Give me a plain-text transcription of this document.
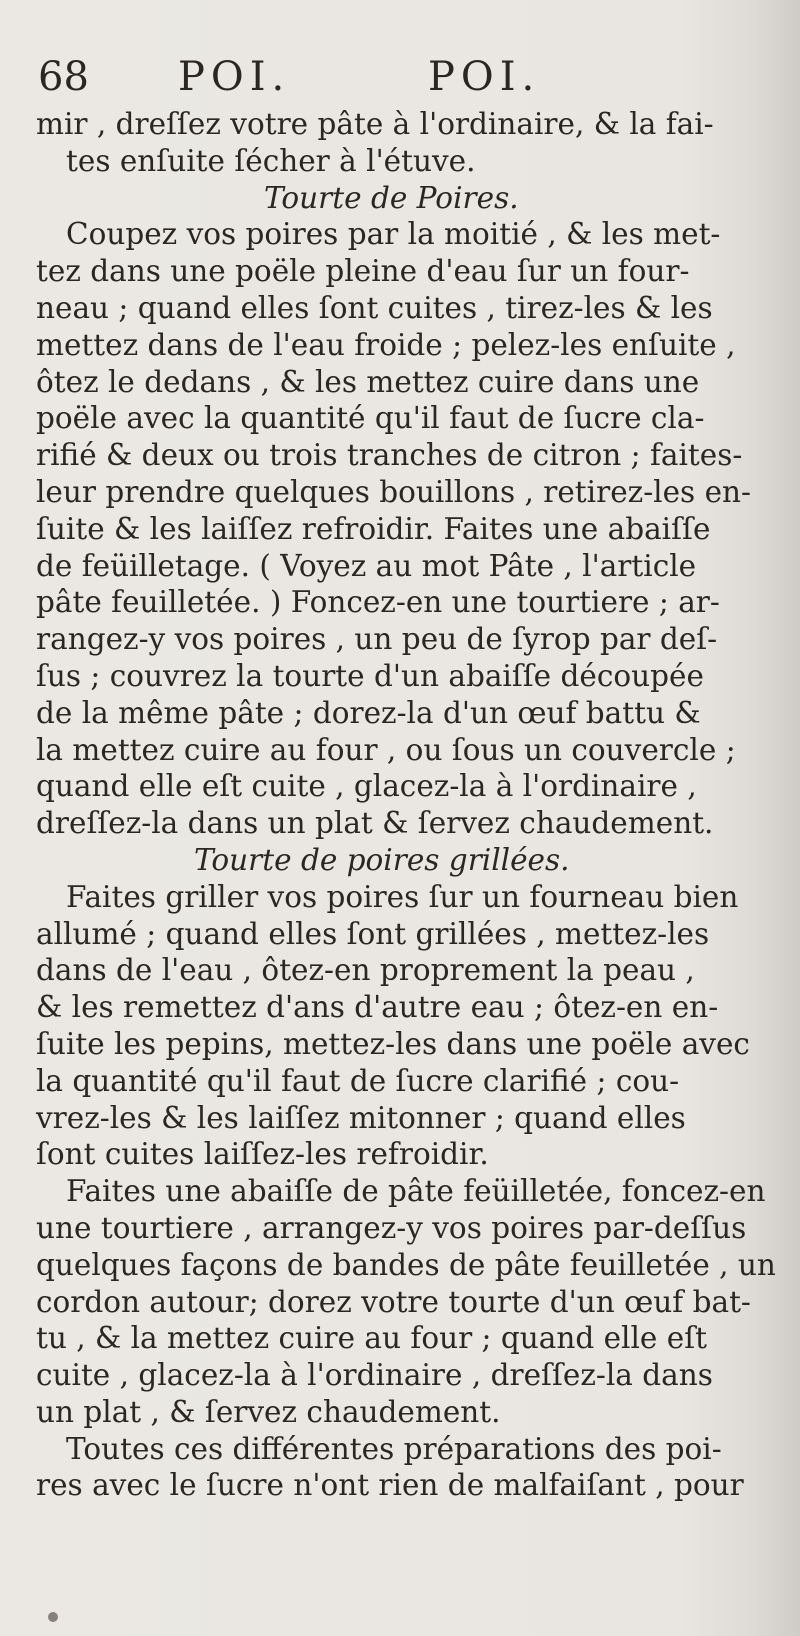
68 POI.	POI.
mir , dreſſez votre pâte à l'ordinaire, & la fai-
tes enſuite ſécher à l'étuve.
Tourte de Poires.
Coupez vos poires par la moitié , & les met-
tez dans une poële pleine d'eau ſur un four-
neau ; quand elles ſont cuites , tirez-les & les
mettez dans de l'eau froide ; pelez-les enſuite ,
ôtez le dedans , & les mettez cuire dans une
poële avec la quantité qu'il faut de ſucre cla-
rifié & deux ou trois tranches de citron ; faites-
leur prendre quelques bouillons , retirez-les en-
ſuite & les laiſſez refroidir. Faites une abaiſſe
de feüilletage. ( Voyez au mot Pâte , l'article
pâte feuilletée. ) Foncez-en une tourtiere ; ar-
rangez-y vos poires , un peu de ſyrop par deſ-
ſus ; couvrez la tourte d'un abaiſſe découpée
de la même pâte ; dorez-la d'un œuf battu &
la mettez cuire au four , ou ſous un couvercle ;
quand elle eſt cuite , glacez-la à l'ordinaire ,
dreſſez-la dans un plat & ſervez chaudement.
Tourte de poires grillées.
Faites griller vos poires ſur un fourneau bien
allumé ; quand elles ſont grillées , mettez-les
dans de l'eau , ôtez-en proprement la peau ,
& les remettez d'ans d'autre eau ; ôtez-en en-
ſuite les pepins, mettez-les dans une poële avec
la quantité qu'il faut de ſucre clarifié ; cou-
vrez-les & les laiſſez mitonner ; quand elles
ſont cuites laiſſez-les refroidir.
Faites une abaiſſe de pâte feüilletée, foncez-en
une tourtiere , arrangez-y vos poires par-deſſus
quelques façons de bandes de pâte feuilletée , un
cordon autour; dorez votre tourte d'un œuf bat-
tu , & la mettez cuire au four ; quand elle eſt
cuite , glacez-la à l'ordinaire , dreſſez-la dans
un plat , & ſervez chaudement.
Toutes ces différentes préparations des poi-
res avec le ſucre n'ont rien de malfaiſant , pour
